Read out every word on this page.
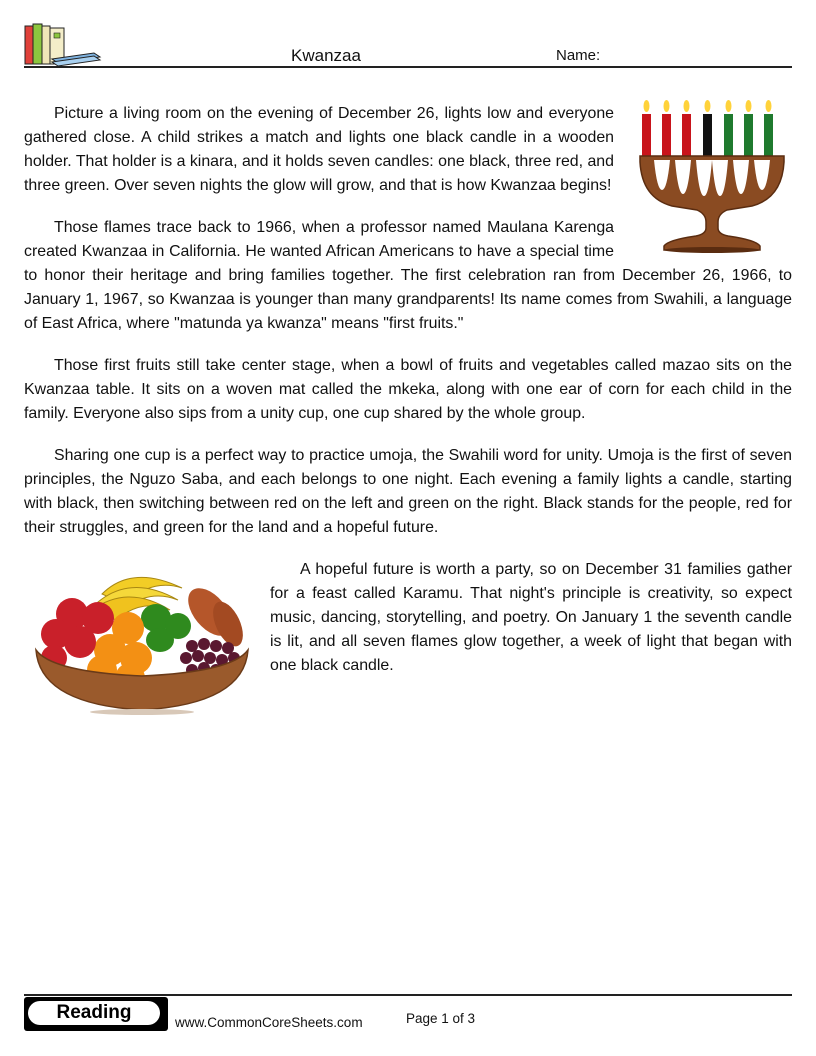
Kwanzaa	Name:

Picture a living room on the evening of December 26, lights low and everyone gathered close. A child strikes a match and lights one black candle in a wooden holder. That holder is a kinara, and it holds seven candles: one black, three red, and three green. Over seven nights the glow will grow, and that is how Kwanzaa begins!

Those flames trace back to 1966, when a professor named Maulana Karenga created Kwanzaa in California. He wanted African Americans to have a special time to honor their heritage and bring families together. The first celebration ran from December 26, 1966, to January 1, 1967, so Kwanzaa is younger than many grandparents! Its name comes from Swahili, a language of East Africa, where "matunda ya kwanza" means "first fruits."

Those first fruits still take center stage, when a bowl of fruits and vegetables called mazao sits on the Kwanzaa table. It sits on a woven mat called the mkeka, along with one ear of corn for each child in the family. Everyone also sips from a unity cup, one cup shared by the whole group.

Sharing one cup is a perfect way to practice umoja, the Swahili word for unity. Umoja is the first of seven principles, the Nguzo Saba, and each belongs to one night. Each evening a family lights a candle, starting with black, then switching between red on the left and green on the right. Black stands for the people, red for their struggles, and green for the land and a hopeful future.

A hopeful future is worth a party, so on December 31 families gather for a feast called Karamu. That night's principle is creativity, so expect music, dancing, storytelling, and poetry. On January 1 the seventh candle is lit, and all seven flames glow together, a week of light that began with one black candle.

Reading	www.CommonCoreSheets.com	Page 1 of 3
